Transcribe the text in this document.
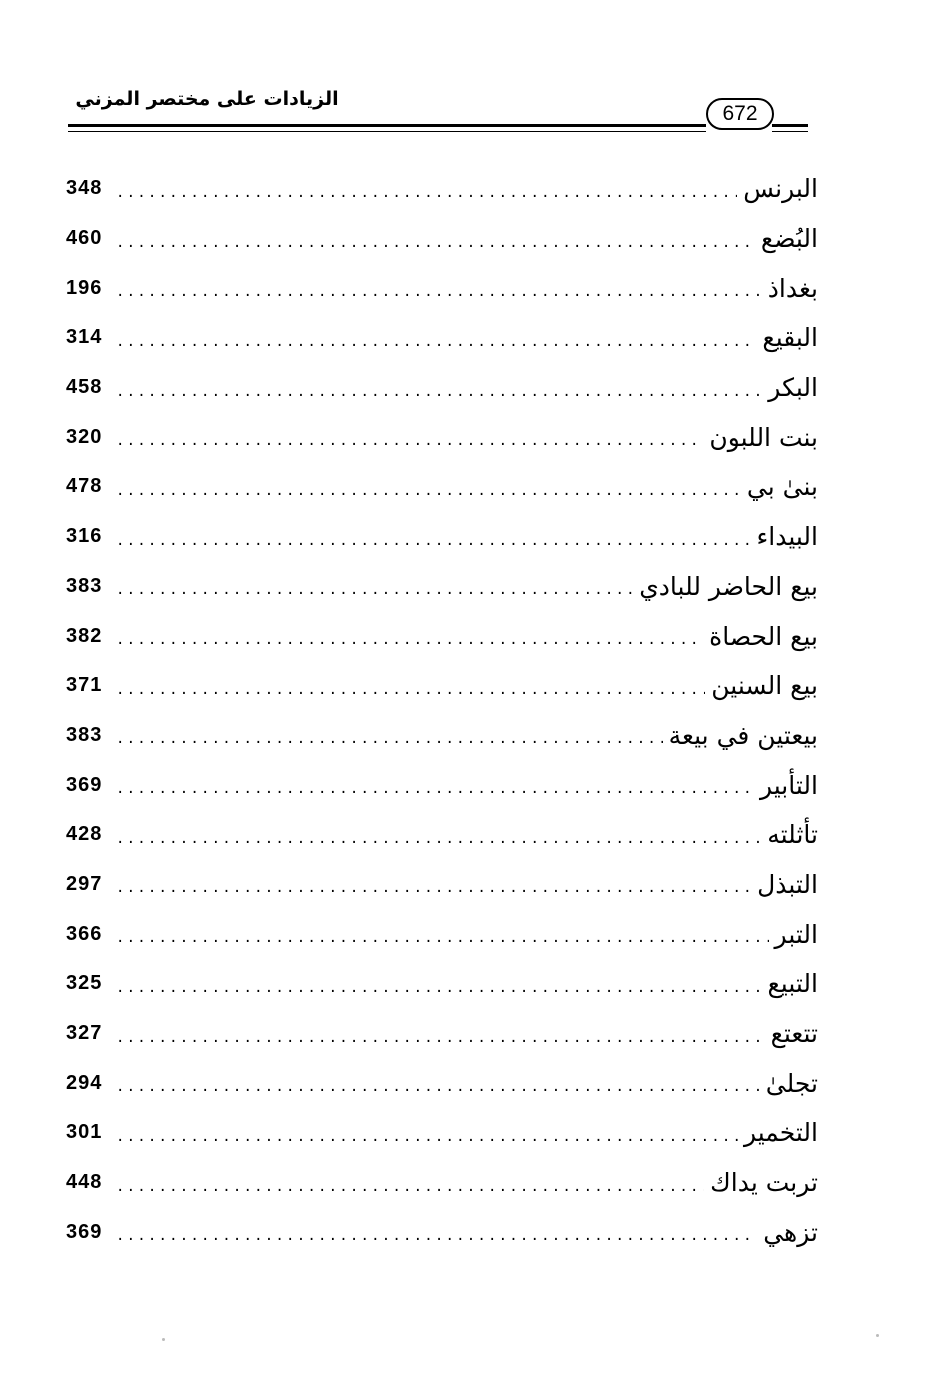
الزيادات على مختصر المزني
672
348 .....	البرنس
460 .....	البُضع
196 .....	بغداذ
314 .....	البقيع
458 .....	البكر
320 .....	بنت اللبون
478 .....	بنىٰ بي
316 .....	البيداء
383 .....	بيع الحاضر للبادي
382 .....	بيع الحصاة
371 .....	بيع السنين
383 .....	بيعتين في بيعة
369 .....	التأبير
428 .....	تأثلته
297 .....	التبذل
366 .....	التبر
325 .....	التبيع
327 .....	تتعتع
294 .....	تجلىٰ
301 .....	التخمير
448 .....	تربت يداك
369 .....	تزهي
